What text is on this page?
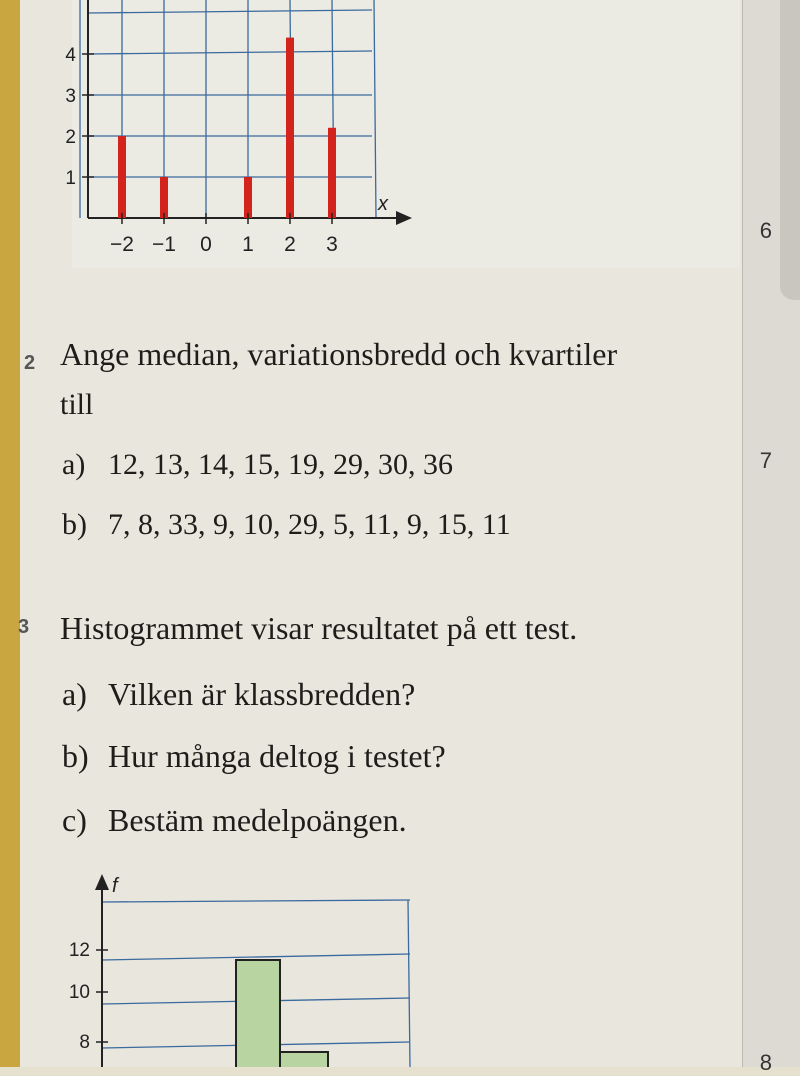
6
7
8
1
2
3
4
−2 −1 0 1 2 3
x
2 Ange median, variationsbredd och kvartiler
till
a) 12, 13, 14, 15, 19, 29, 30, 36
b) 7, 8, 33, 9, 10, 29, 5, 11, 9, 15, 11
3 Histogrammet visar resultatet på ett test.
a) Vilken är klassbredden?
b) Hur många deltog i testet?
c) Bestäm medelpoängen.
8
10
12
f
